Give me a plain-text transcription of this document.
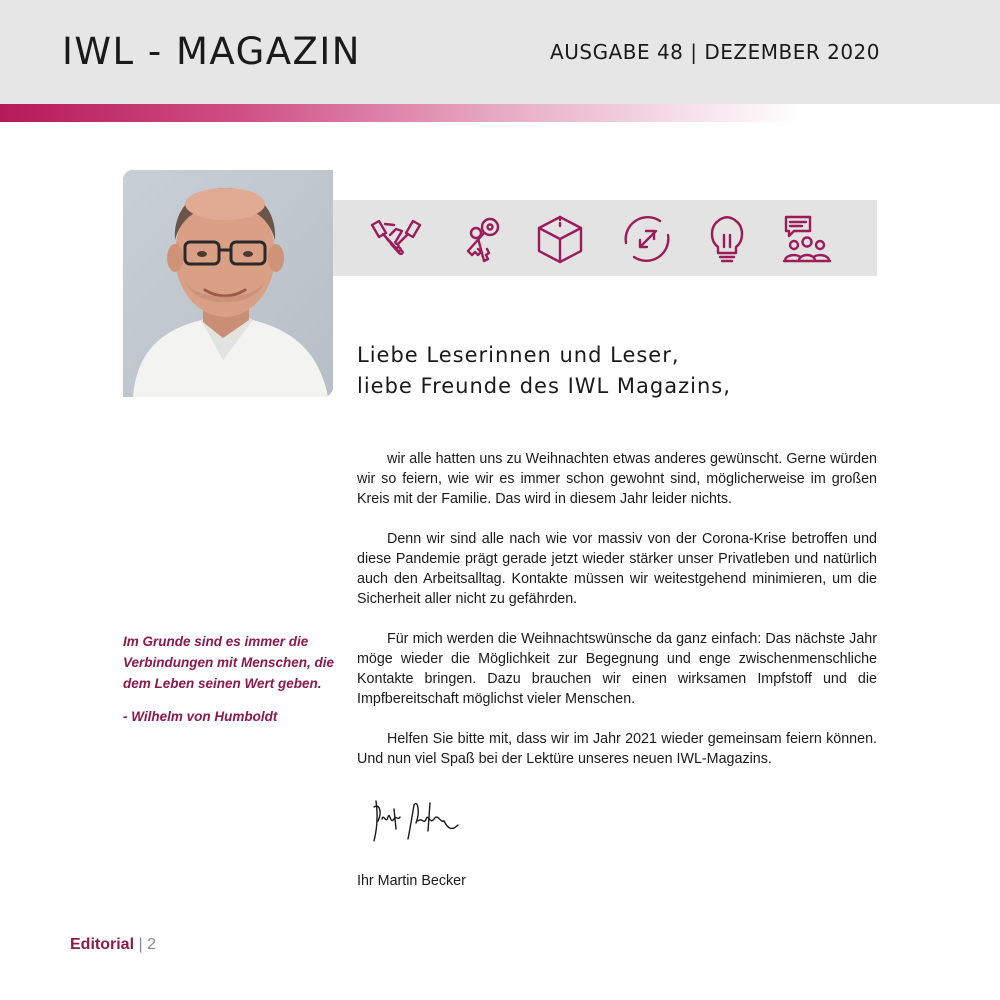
IWL - MAGAZIN	AUSGABE 48 | DEZEMBER 2020
Liebe Leserinnen und Leser,
liebe Freunde des IWL Magazins,

wir alle hatten uns zu Weihnachten etwas anderes gewünscht. Gerne würden wir so feiern, wie wir es immer schon gewohnt sind, möglicherweise im großen Kreis mit der Familie. Das wird in diesem Jahr leider nichts.

Denn wir sind alle nach wie vor massiv von der Corona-Krise betroffen und diese Pandemie prägt gerade jetzt wieder stärker unser Privatleben und natürlich auch den Arbeitsalltag. Kontakte müssen wir weitestgehend minimieren, um die Sicherheit aller nicht zu gefährden.

Für mich werden die Weihnachtswünsche da ganz einfach: Das nächste Jahr möge wieder die Möglichkeit zur Begegnung und enge zwischenmenschliche Kontakte bringen. Dazu brauchen wir einen wirksamen Impfstoff und die Impfbereitschaft möglichst vieler Menschen.

Helfen Sie bitte mit, dass wir im Jahr 2021 wieder gemeinsam feiern können. Und nun viel Spaß bei der Lektüre unseres neuen IWL-Magazins.

Im Grunde sind es immer die Verbindungen mit Menschen, die dem Leben seinen Wert geben.
- Wilhelm von Humboldt
Ihr Martin Becker
Editorial | 2
